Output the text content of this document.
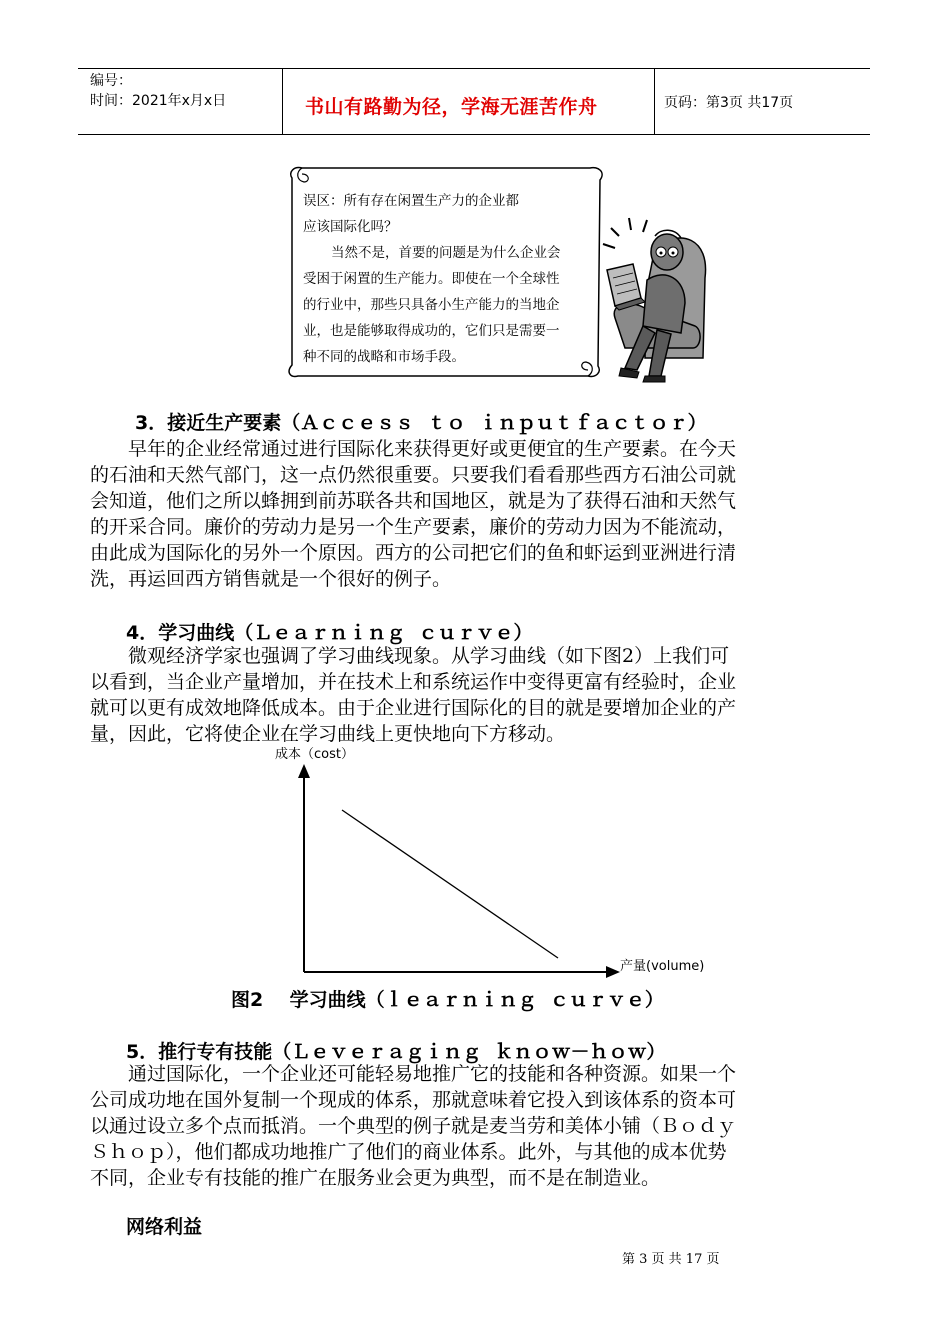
编号：
时间：2021年x月x日	书山有路勤为径，学海无涯苦作舟	页码：第3页 共17页
误区：所有存在闲置生产力的企业都
应该国际化吗？
当然不是，首要的问题是为什么企业会
受困于闲置的生产能力。即使在一个全球性
的行业中，那些只具备小生产能力的当地企
业，也是能够取得成功的，它们只是需要一
种不同的战略和市场手段。
3．接近生产要素（Ａｃｃｅｓｓ  ｔｏ  ｉｎｐｕｔｆａｃｔｏｒ）

早年的企业经常通过进行国际化来获得更好或更便宜的生产要素。在今天

的石油和天然气部门，这一点仍然很重要。只要我们看看那些西方石油公司就

会知道，他们之所以蜂拥到前苏联各共和国地区，就是为了获得石油和天然气

的开采合同。廉价的劳动力是另一个生产要素，廉价的劳动力因为不能流动，

由此成为国际化的另外一个原因。西方的公司把它们的鱼和虾运到亚洲进行清

洗，再运回西方销售就是一个很好的例子。

4．学习曲线（Ｌｅａｒｎｉｎｇ  ｃｕｒｖｅ）

微观经济学家也强调了学习曲线现象。从学习曲线（如下图2）上我们可

以看到，当企业产量增加，并在技术上和系统运作中变得更富有经验时，企业

就可以更有成效地降低成本。由于企业进行国际化的目的就是要增加企业的产

量，因此，它将使企业在学习曲线上更快地向下方移动。

成本（cost）
产量(volume)
图2    学习曲线（ｌｅａｒｎｉｎｇ  ｃｕｒｖｅ）
5．推行专有技能（Ｌｅｖｅｒａｇｉｎｇ  ｋｎｏｗ－ｈｏｗ）

通过国际化，一个企业还可能轻易地推广它的技能和各种资源。如果一个

公司成功地在国外复制一个现成的体系，那就意味着它投入到该体系的资本可

以通过设立多个点而抵消。一个典型的例子就是麦当劳和美体小铺（Ｂｏｄｙ

Ｓｈｏｐ），他们都成功地推广了他们的商业体系。此外，与其他的成本优势

不同，企业专有技能的推广在服务业会更为典型，而不是在制造业。

网络利益
第 3 页 共 17 页
